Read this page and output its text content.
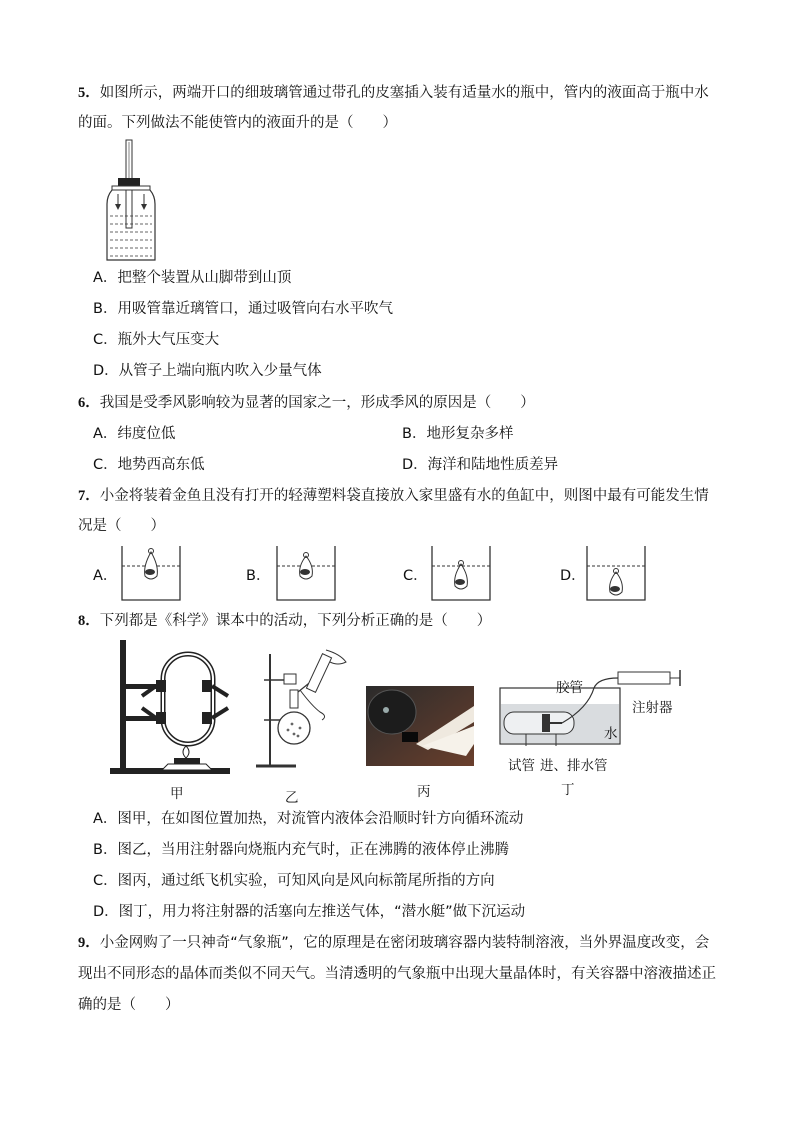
5．如图所示，两端开口的细玻璃管通过带孔的皮塞插入装有适量水的瓶中，管内的液面高于瓶中水
的面。下列做法不能使管内的液面升的是（　　）
A．把整个装置从山脚带到山顶
B．用吸管靠近璃管口，通过吸管向右水平吹气
C．瓶外大气压变大
D．从管子上端向瓶内吹入少量气体
6．我国是受季风影响较为显著的国家之一，形成季风的原因是（　　）
A．纬度位低	B．地形复杂多样
C．地势西高东低	D．海洋和陆地性质差异
7．小金将装着金鱼且没有打开的轻薄塑料袋直接放入家里盛有水的鱼缸中，则图中最有可能发生情
况是（　　）
A．	B．	C．	D．
8．下列都是《科学》课本中的活动，下列分析正确的是（　　）
胶管
注射器
水
试管 进、排水管
甲	乙	丙	丁
A．图甲，在如图位置加热，对流管内液体会沿顺时针方向循环流动
B．图乙，当用注射器向烧瓶内充气时，正在沸腾的液体停止沸腾
C．图丙，通过纸飞机实验，可知风向是风向标箭尾所指的方向
D．图丁，用力将注射器的活塞向左推送气体，“潜水艇”做下沉运动
9．小金网购了一只神奇“气象瓶”，它的原理是在密闭玻璃容器内装特制溶液，当外界温度改变，会
现出不同形态的晶体而类似不同天气。当清透明的气象瓶中出现大量晶体时，有关容器中溶液描述正
确的是（　　）
